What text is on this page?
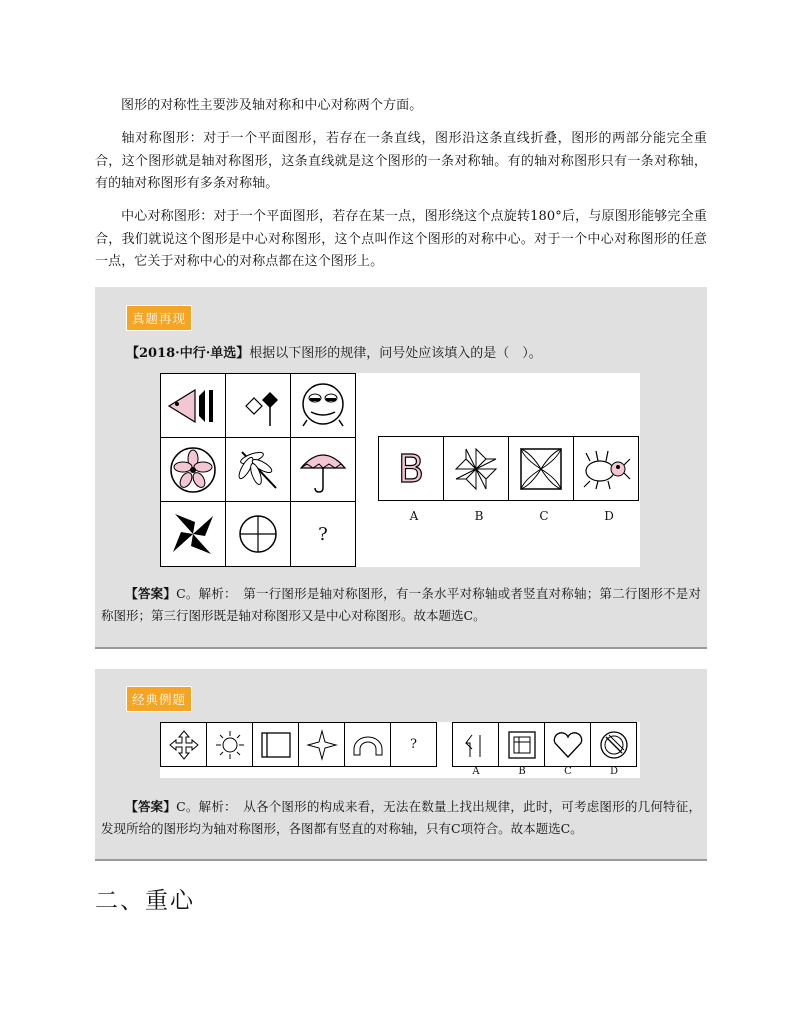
图形的对称性主要涉及轴对称和中心对称两个方面。
轴对称图形：对于一个平面图形，若存在一条直线，图形沿这条直线折叠，图形的两部分能完全重合，这个图形就是轴对称图形，这条直线就是这个图形的一条对称轴。有的轴对称图形只有一条对称轴，有的轴对称图形有多条对称轴。
中心对称图形：对于一个平面图形，若存在某一点，图形绕这个点旋转180°后，与原图形能够完全重合，我们就说这个图形是中心对称图形，这个点叫作这个图形的对称中心。对于一个中心对称图形的任意一点，它关于对称中心的对称点都在这个图形上。
真题再现
【2018·中行·单选】根据以下图形的规律，问号处应该填入的是（　）。
?
B
A	B	C	D
【答案】C。解析：　第一行图形是轴对称图形，有一条水平对称轴或者竖直对称轴；第二行图形不是对称图形；第三行图形既是轴对称图形又是中心对称图形。故本题选C。
经典例题
?
A	B	C	D
【答案】C。解析：　从各个图形的构成来看，无法在数量上找出规律，此时，可考虑图形的几何特征，发现所给的图形均为轴对称图形，各图都有竖直的对称轴，只有C项符合。故本题选C。
二、重心
